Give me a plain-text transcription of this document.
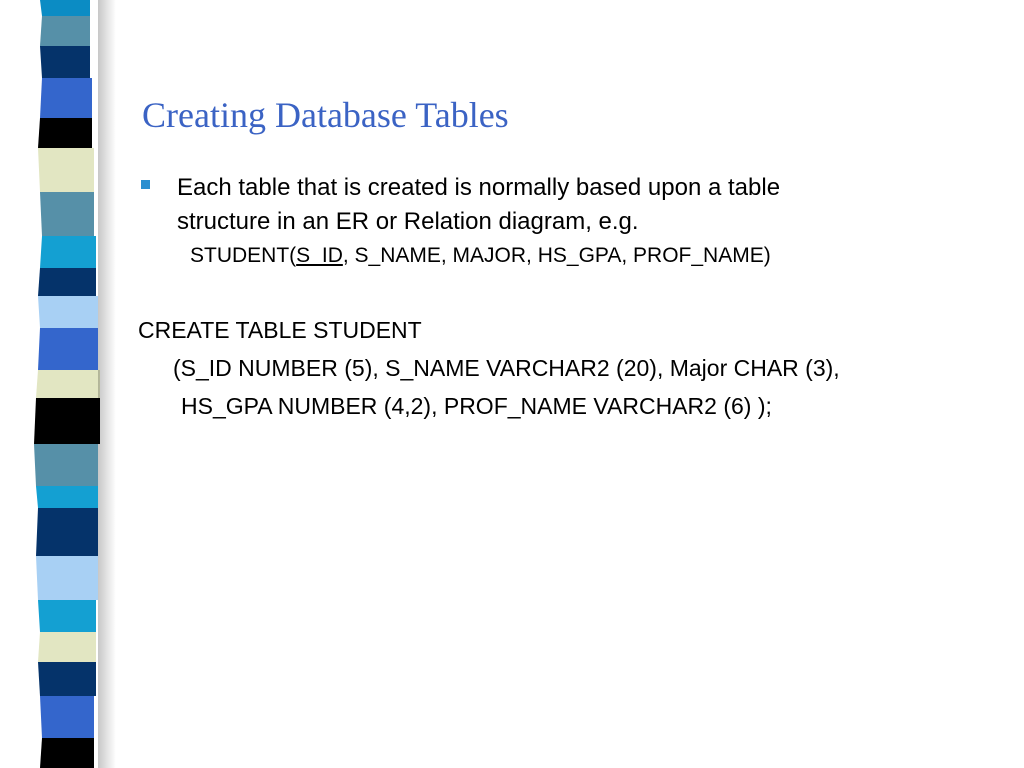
Creating Database Tables
Each table that is created is normally based upon a table
structure in an ER or Relation diagram, e.g.
STUDENT(S_ID, S_NAME, MAJOR, HS_GPA, PROF_NAME)
CREATE TABLE STUDENT
(S_ID NUMBER (5), S_NAME VARCHAR2 (20), Major CHAR (3),
HS_GPA NUMBER (4,2), PROF_NAME VARCHAR2 (6) );
